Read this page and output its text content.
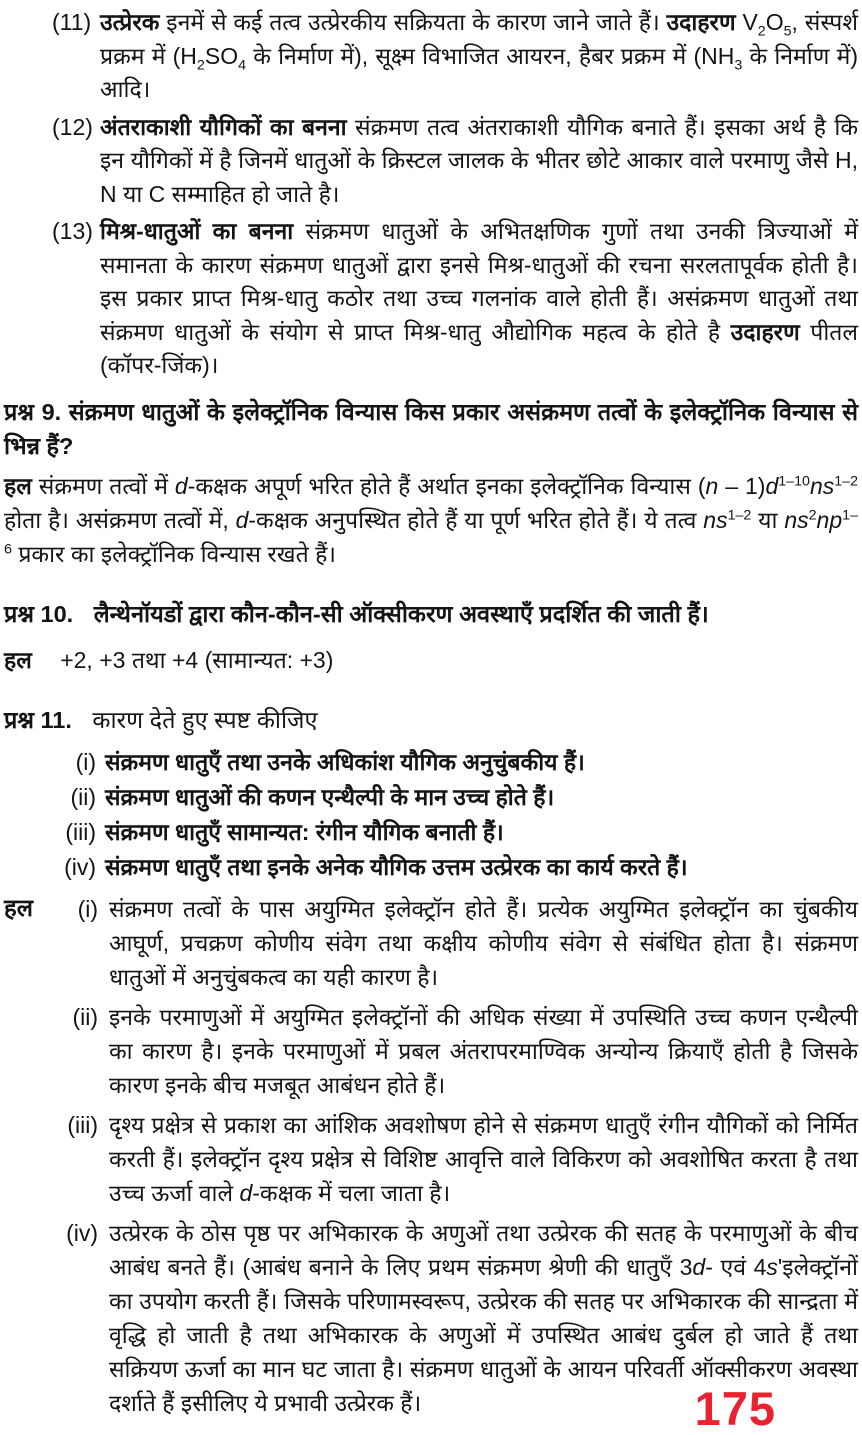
(11) उत्प्रेरक इनमें से कई तत्व उत्प्रेरकीय सक्रियता के कारण जाने जाते हैं। उदाहरण $V_2O_5$, संस्पर्श प्रक्रम में ($H_2SO_4$ के निर्माण में), सूक्ष्म विभाजित आयरन, हैबर प्रक्रम में ($NH_3$ के निर्माण में) आदि।

(12) अंतराकाशी यौगिकों का बनना संक्रमण तत्व अंतराकाशी यौगिक बनाते हैं। इसका अर्थ है कि इन यौगिकों में है जिनमें धातुओं के क्रिस्टल जालक के भीतर छोटे आकार वाले परमाणु जैसे H, N या C सम्माहित हो जाते है।

(13) मिश्र-धातुओं का बनना संक्रमण धातुओं के अभितक्षणिक गुणों तथा उनकी त्रिज्याओं में समानता के कारण संक्रमण धातुओं द्वारा इनसे मिश्र-धातुओं की रचना सरलतापूर्वक होती है। इस प्रकार प्राप्त मिश्र-धातु कठोर तथा उच्च गलनांक वाले होती हैं। असंक्रमण धातुओं तथा संक्रमण धातुओं के संयोग से प्राप्त मिश्र-धातु औद्योगिक महत्व के होते है उदाहरण पीतल (कॉपर-जिंक)।

प्रश्न 9. संक्रमण धातुओं के इलेक्ट्रॉनिक विन्यास किस प्रकार असंक्रमण तत्वों के इलेक्ट्रॉनिक विन्यास से भिन्न हैं?

हल संक्रमण तत्वों में d-कक्षक अपूर्ण भरित होते हैं अर्थात इनका इलेक्ट्रॉनिक विन्यास $(n - 1)d^{1-10}ns^{1-2}$ होता है। असंक्रमण तत्वों में, d-कक्षक अनुपस्थित होते हैं या पूर्ण भरित होते हैं। ये तत्व $ns^{1-2}$ या $ns^2np^{1-6}$ प्रकार का इलेक्ट्रॉनिक विन्यास रखते हैं।

प्रश्न 10. लैन्थेनॉयडों द्वारा कौन-कौन-सी ऑक्सीकरण अवस्थाएँ प्रदर्शित की जाती हैं।

हल +2, +3 तथा +4 (सामान्यत: +3)

प्रश्न 11. कारण देते हुए स्पष्ट कीजिए

(i) संक्रमण धातुएँ तथा उनके अधिकांश यौगिक अनुचुंबकीय हैं।

(ii) संक्रमण धातुओं की कणन एन्थैल्पी के मान उच्च होते हैं।

(iii) संक्रमण धातुएँ सामान्यत: रंगीन यौगिक बनाती हैं।

(iv) संक्रमण धातुएँ तथा इनके अनेक यौगिक उत्तम उत्प्रेरक का कार्य करते हैं।

हल	(i) संक्रमण तत्वों के पास अयुग्मित इलेक्ट्रॉन होते हैं। प्रत्येक अयुग्मित इलेक्ट्रॉन का चुंबकीय आघूर्ण, प्रचक्रण कोणीय संवेग तथा कक्षीय कोणीय संवेग से संबंधित होता है। संक्रमण धातुओं में अनुचुंबकत्व का यही कारण है।

(ii) इनके परमाणुओं में अयुग्मित इलेक्ट्रॉनों की अधिक संख्या में उपस्थिति उच्च कणन एन्थैल्पी का कारण है। इनके परमाणुओं में प्रबल अंतरापरमाण्विक अन्योन्य क्रियाएँ होती है जिसके कारण इनके बीच मजबूत आबंधन होते हैं।

(iii) दृश्य प्रक्षेत्र से प्रकाश का आंशिक अवशोषण होने से संक्रमण धातुएँ रंगीन यौगिकों को निर्मित करती हैं। इलेक्ट्रॉन दृश्य प्रक्षेत्र से विशिष्ट आवृत्ति वाले विकिरण को अवशोषित करता है तथा उच्च ऊर्जा वाले d-कक्षक में चला जाता है।

(iv) उत्प्रेरक के ठोस पृष्ठ पर अभिकारक के अणुओं तथा उत्प्रेरक की सतह के परमाणुओं के बीच आबंध बनते हैं। (आबंध बनाने के लिए प्रथम संक्रमण श्रेणी की धातुएँ 3d- एवं 4s'इलेक्ट्रॉनों का उपयोग करती हैं। जिसके परिणामस्वरूप, उत्प्रेरक की सतह पर अभिकारक की सान्द्रता में वृद्धि हो जाती है तथा अभिकारक के अणुओं में उपस्थित आबंध दुर्बल हो जाते हैं तथा सक्रियण ऊर्जा का मान घट जाता है। संक्रमण धातुओं के आयन परिवर्ती ऑक्सीकरण अवस्था दर्शाते हैं इसीलिए ये प्रभावी उत्प्रेरक हैं।	175
